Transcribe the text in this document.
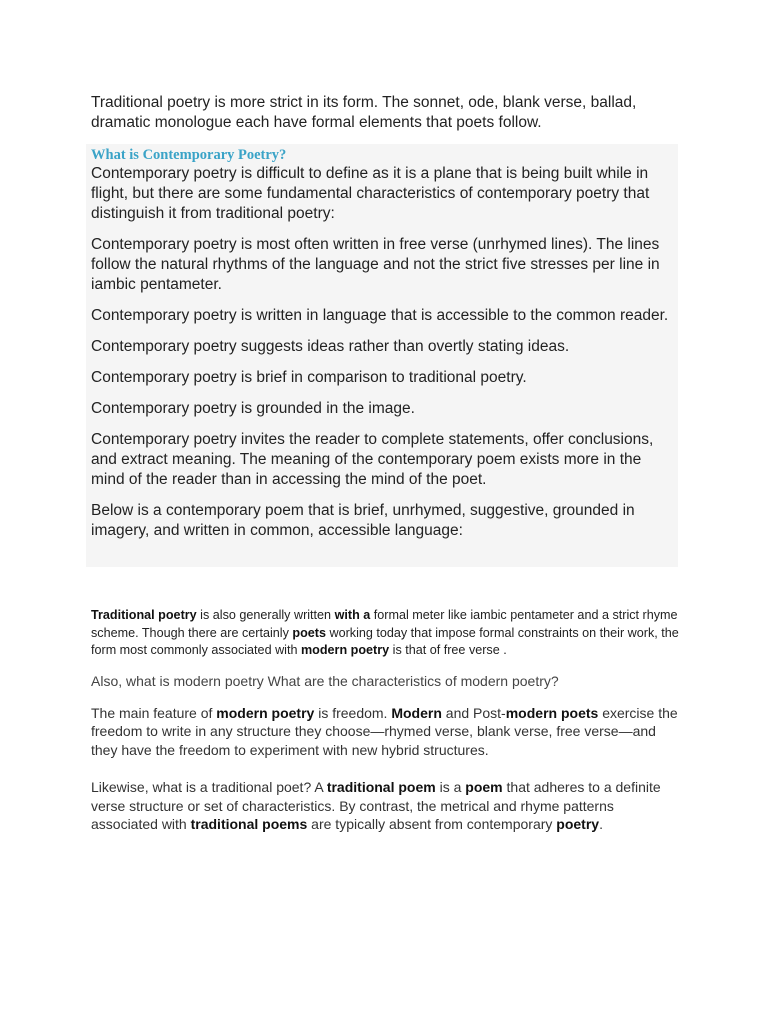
Traditional poetry is more strict in its form. The sonnet, ode, blank verse, ballad, dramatic monologue each have formal elements that poets follow.

What is Contemporary Poetry?

Contemporary poetry is difficult to define as it is a plane that is being built while in flight, but there are some fundamental characteristics of contemporary poetry that distinguish it from traditional poetry:

Contemporary poetry is most often written in free verse (unrhymed lines). The lines follow the natural rhythms of the language and not the strict five stresses per line in iambic pentameter.

Contemporary poetry is written in language that is accessible to the common reader.

Contemporary poetry suggests ideas rather than overtly stating ideas.

Contemporary poetry is brief in comparison to traditional poetry.

Contemporary poetry is grounded in the image.

Contemporary poetry invites the reader to complete statements, offer conclusions, and extract meaning. The meaning of the contemporary poem exists more in the mind of the reader than in accessing the mind of the poet.

Below is a contemporary poem that is brief, unrhymed, suggestive, grounded in imagery, and written in common, accessible language:

Traditional poetry is also generally written with a formal meter like iambic pentameter and a strict rhyme scheme. Though there are certainly poets working today that impose formal constraints on their work, the form most commonly associated with modern poetry is that of free verse .

Also, what is modern poetry What are the characteristics of modern poetry?

The main feature of modern poetry is freedom. Modern and Post-modern poets exercise the freedom to write in any structure they choose—rhymed verse, blank verse, free verse—and they have the freedom to experiment with new hybrid structures.

Likewise, what is a traditional poet? A traditional poem is a poem that adheres to a definite verse structure or set of characteristics. By contrast, the metrical and rhyme patterns associated with traditional poems are typically absent from contemporary poetry.
